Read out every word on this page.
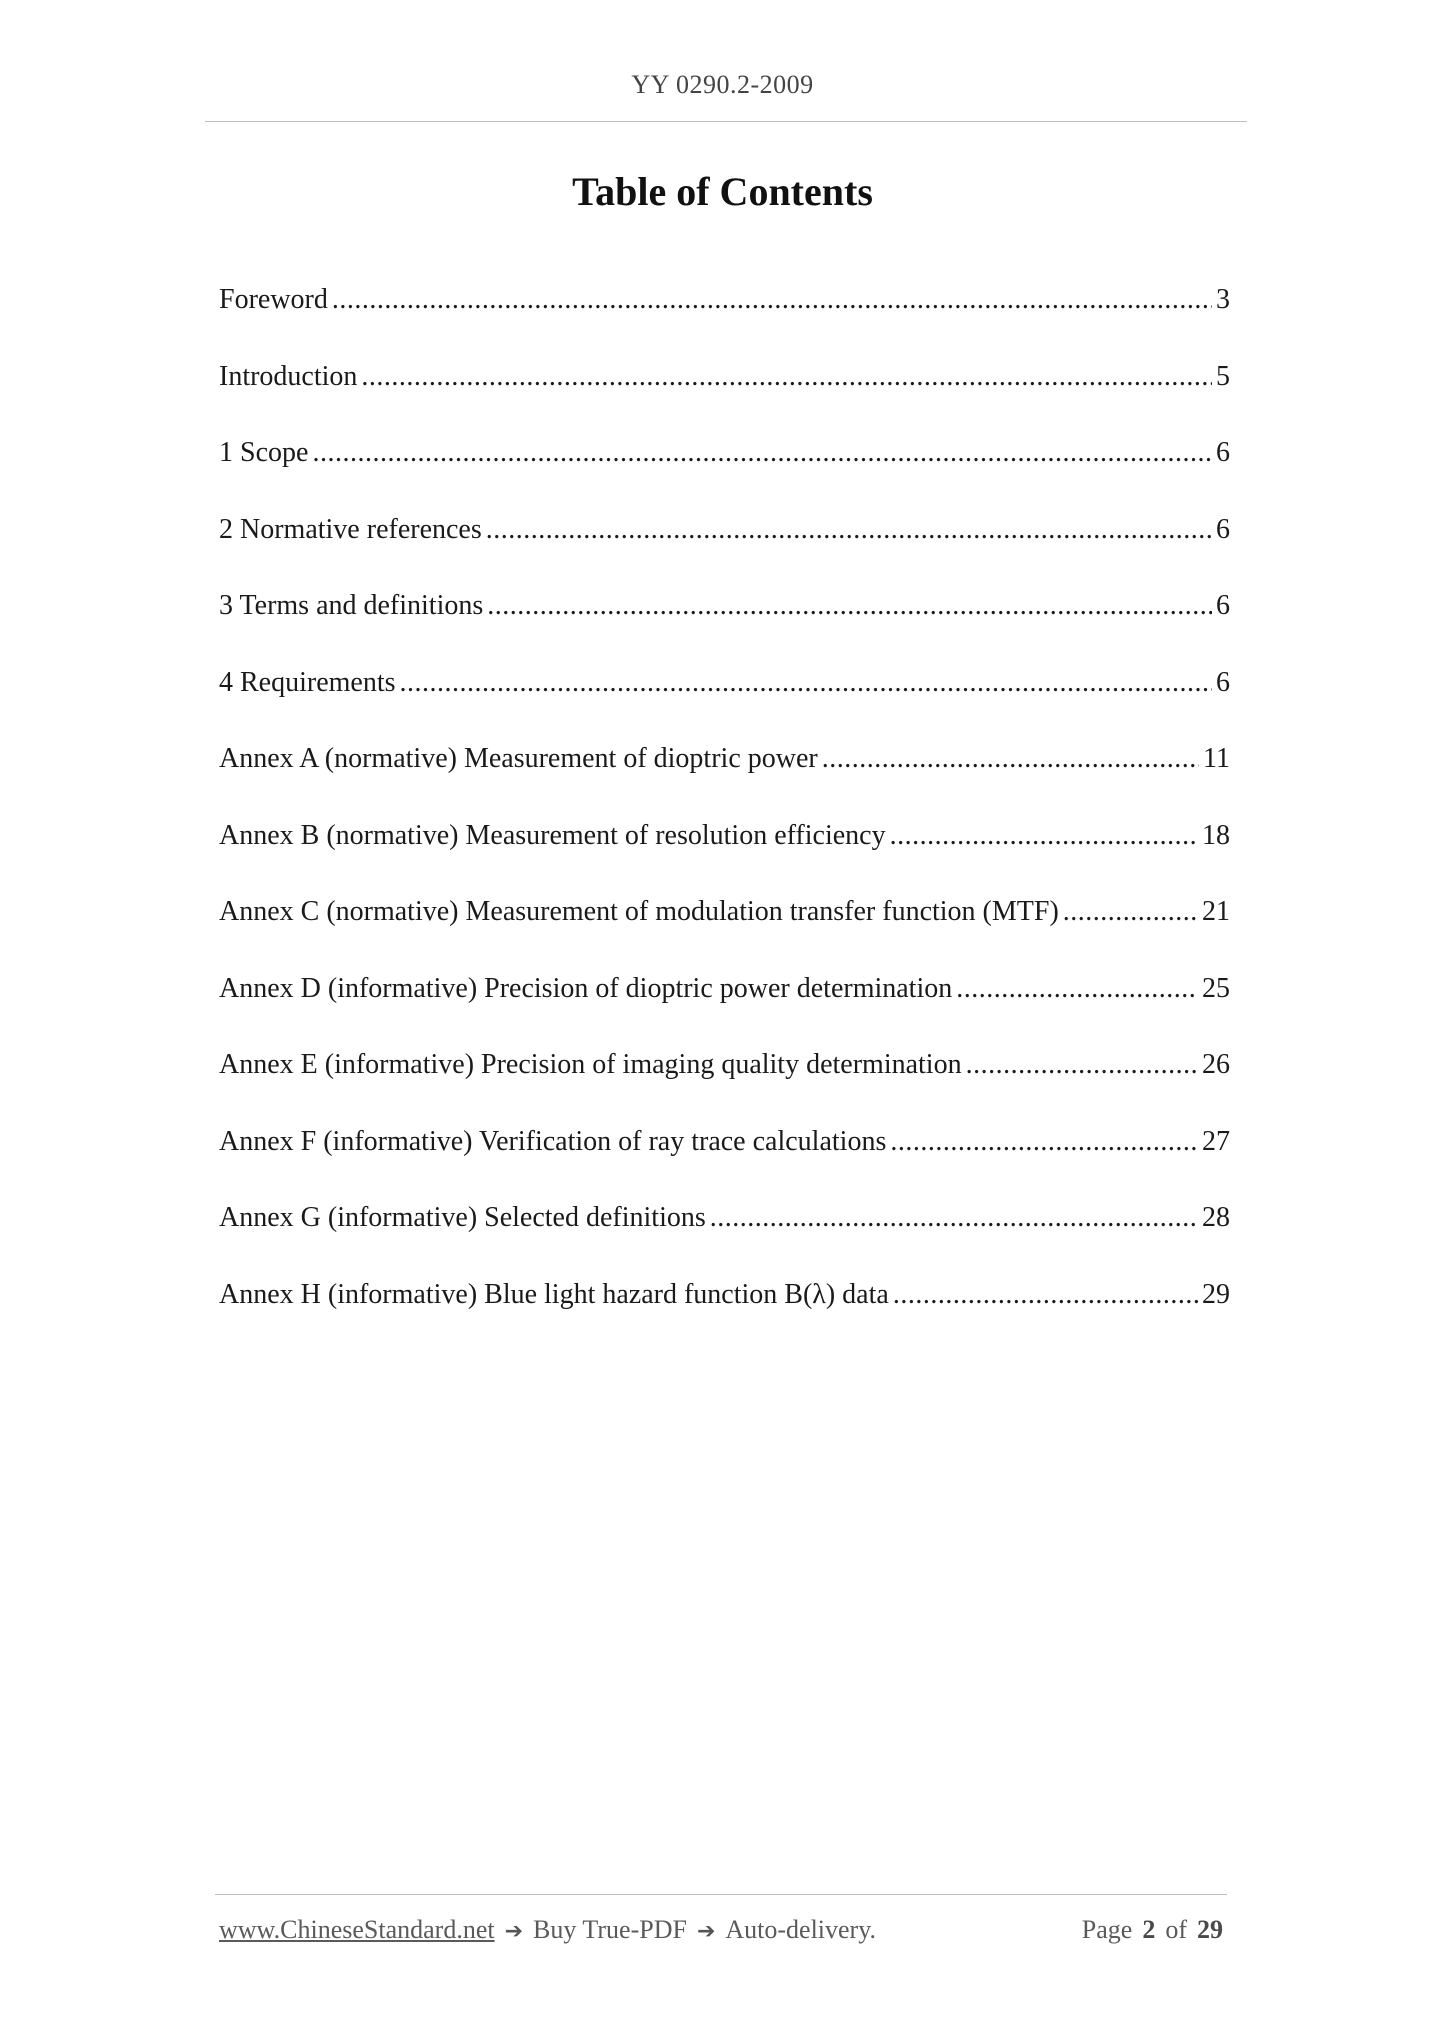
YY 0290.2-2009
Table of Contents
Foreword .....	3
Introduction .....	5
1 Scope .....	6
2 Normative references .....	6
3 Terms and definitions .....	6
4 Requirements .....	6
Annex A (normative) Measurement of dioptric power .....	11
Annex B (normative) Measurement of resolution efficiency .....	18
Annex C (normative) Measurement of modulation transfer function (MTF) .....	21
Annex D (informative) Precision of dioptric power determination .....	25
Annex E (informative) Precision of imaging quality determination .....	26
Annex F (informative) Verification of ray trace calculations .....	27
Annex G (informative) Selected definitions .....	28
Annex H (informative) Blue light hazard function B(λ) data .....	29
www.ChineseStandard.net ➔ Buy True-PDF ➔ Auto-delivery.	Page 2 of 29
